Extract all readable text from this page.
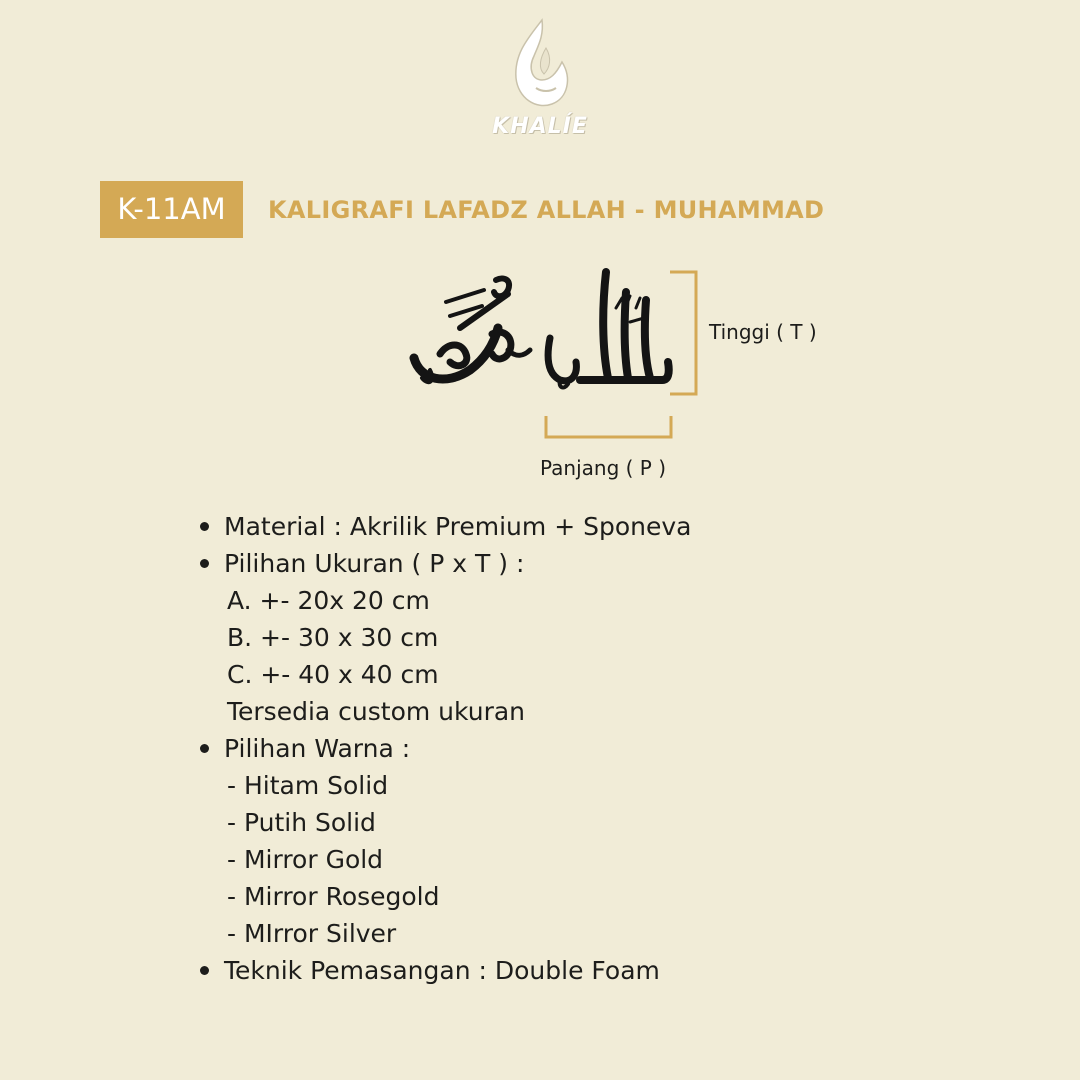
KHALÍE
K-11AM	KALIGRAFI LAFADZ ALLAH - MUHAMMAD
Tinggi ( T )
Panjang ( P )
Material : Akrilik Premium + Sponeva
Pilihan Ukuran ( P x T ) :
A. +- 20x 20 cm
B. +- 30 x 30 cm
C. +- 40 x 40 cm
Tersedia custom ukuran
Pilihan Warna :
- Hitam Solid
- Putih Solid
- Mirror Gold
- Mirror Rosegold
- MIrror Silver
Teknik Pemasangan : Double Foam
